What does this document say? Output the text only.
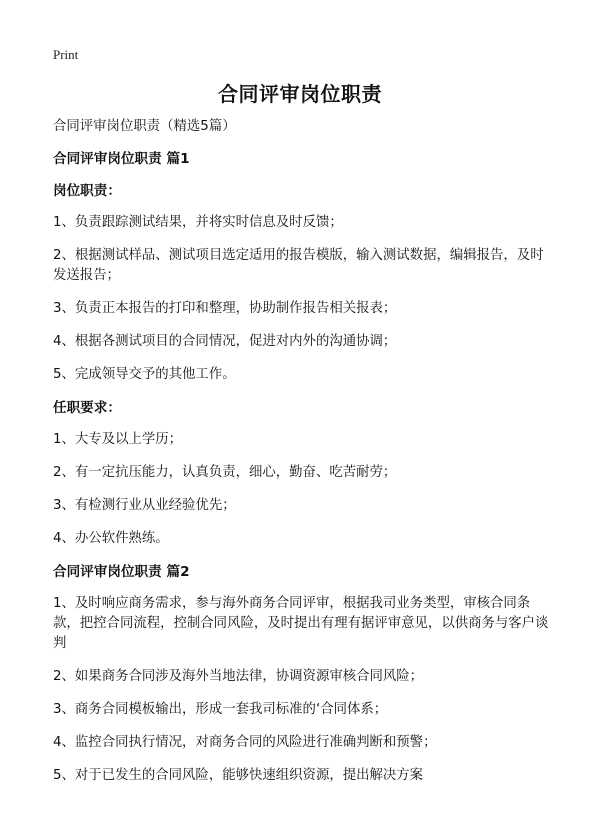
Print
合同评审岗位职责
合同评审岗位职责（精选5篇）
合同评审岗位职责 篇1
岗位职责：
1、负责跟踪测试结果，并将实时信息及时反馈；
2、根据测试样品、测试项目选定适用的报告模版，输入测试数据，编辑报告，及时发送报告；
3、负责正本报告的打印和整理，协助制作报告相关报表；
4、根据各测试项目的合同情况，促进对内外的沟通协调；
5、完成领导交予的其他工作。
任职要求：
1、大专及以上学历；
2、有一定抗压能力，认真负责，细心，勤奋、吃苦耐劳；
3、有检测行业从业经验优先；
4、办公软件熟练。
合同评审岗位职责 篇2
1、及时响应商务需求，参与海外商务合同评审，根据我司业务类型，审核合同条款，把控合同流程，控制合同风险，及时提出有理有据评审意见，以供商务与客户谈判
2、如果商务合同涉及海外当地法律，协调资源审核合同风险；
3、商务合同模板输出，形成一套我司标准的‘合同体系；
4、监控合同执行情况，对商务合同的风险进行准确判断和预警；
5、对于已发生的合同风险，能够快速组织资源，提出解决方案
